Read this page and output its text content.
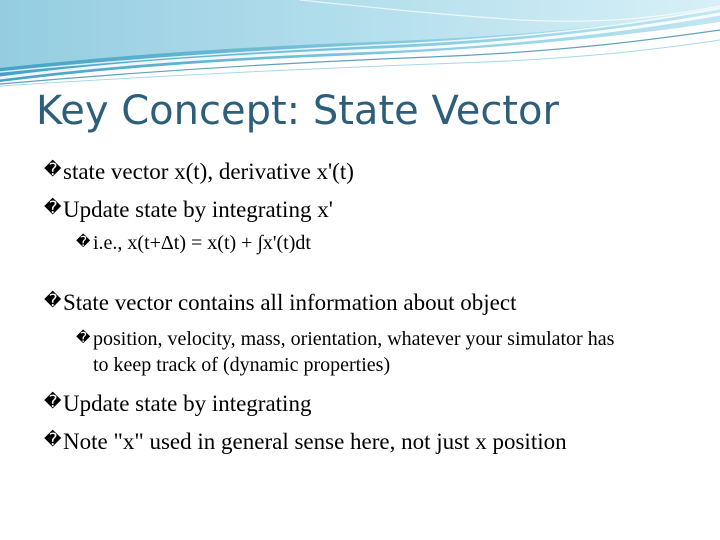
Key Concept: State Vector
� state vector x(t), derivative x'(t)
� Update state by integrating x'
� i.e., x(t+Δt) = x(t) + ∫x'(t)dt
� State vector contains all information about object
� position, velocity, mass, orientation, whatever your simulator has to keep track of (dynamic properties)
� Update state by integrating
� Note "x" used in general sense here, not just x position
